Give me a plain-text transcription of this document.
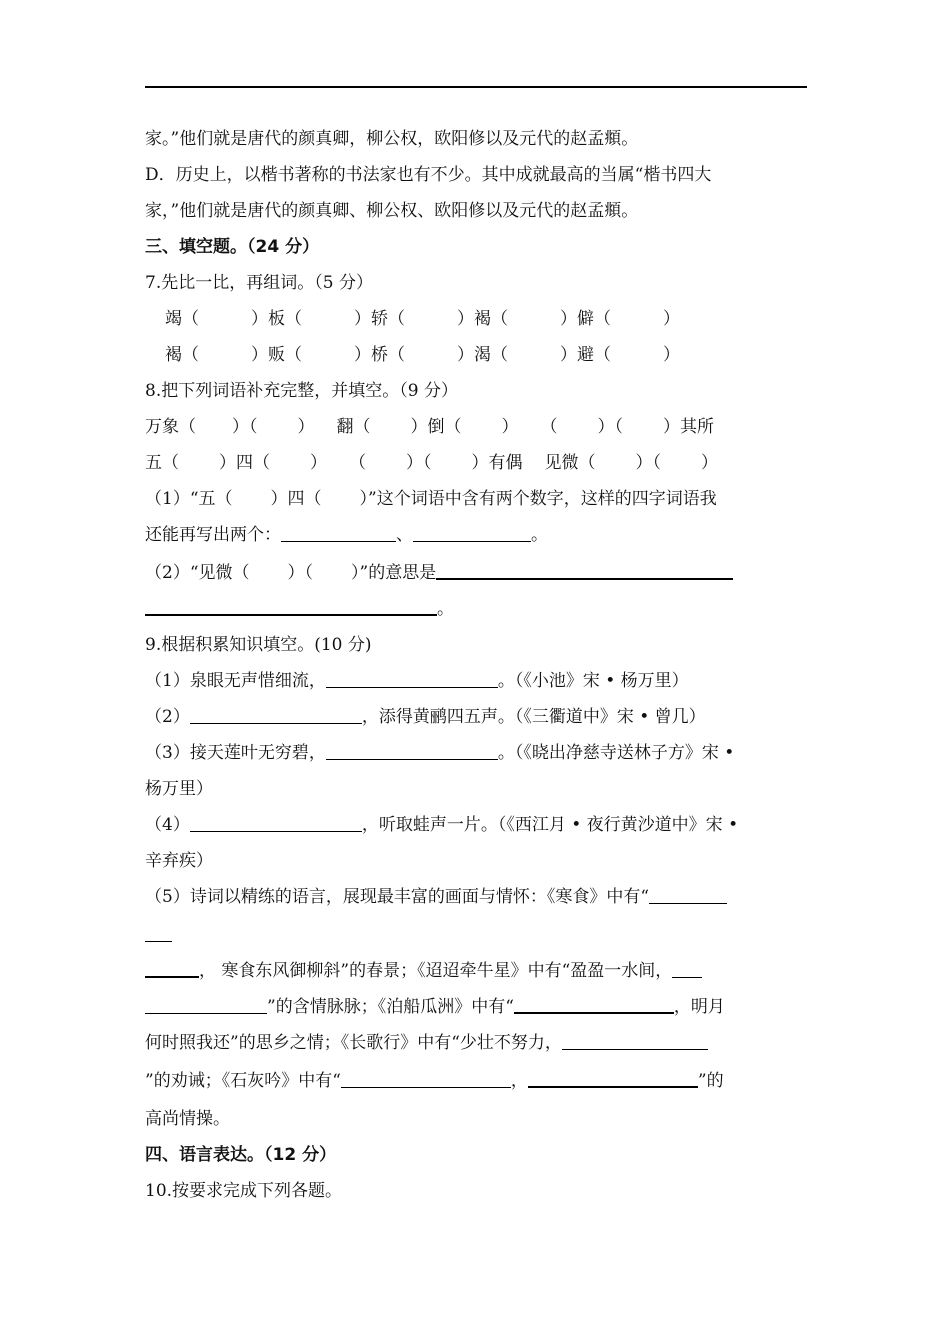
家。”他们就是唐代的颜真卿，柳公权，欧阳修以及元代的赵孟頫。
D．历史上，以楷书著称的书法家也有不少。其中成就最高的当属“楷书四大
家，”他们就是唐代的颜真卿、柳公权、欧阳修以及元代的赵孟頫。
三、填空题。（24 分）
7.先比一比，再组词。（5 分）
竭（	）板（	）轿（	）褐（	）僻（	）
褐（	）贩（	）桥（	）渴（	）避（	）
8.把下列词语补充完整，并填空。（9 分）
万象（ ）（ ） 翻（ ）倒（ ） （ ）（ ）其所
五（ ）四（ ） （ ）（ ）有偶 见微（ ）（ ）
（1）“五（ ）四（ ）”这个词语中含有两个数字，这样的四字词语我
还能再写出两个：	、	。
（2）“见微（ ）（ ）”的意思是
。
9.根据积累知识填空。(10 分)
（1）泉眼无声惜细流，	。（《小池》宋 • 杨万里）
（2）	，添得黄鹂四五声。（《三衢道中》宋 • 曾几）
（3）接天莲叶无穷碧，	。（《晓出净慈寺送林子方》宋 •
杨万里）
（4）	，听取蛙声一片。（《西江月 • 夜行黄沙道中》宋 •
辛弃疾）
（5）诗词以精练的语言，展现最丰富的画面与情怀：《寒食》中有“
， 寒食东风御柳斜”的春景；《迢迢牵牛星》中有“盈盈一水间，
”的含情脉脉；《泊船瓜洲》中有“	，明月
何时照我还”的思乡之情；《长歌行》中有“少壮不努力，
”的劝诫；《石灰吟》中有“	，	”的
高尚情操。
四、语言表达。（12 分）
10.按要求完成下列各题。
